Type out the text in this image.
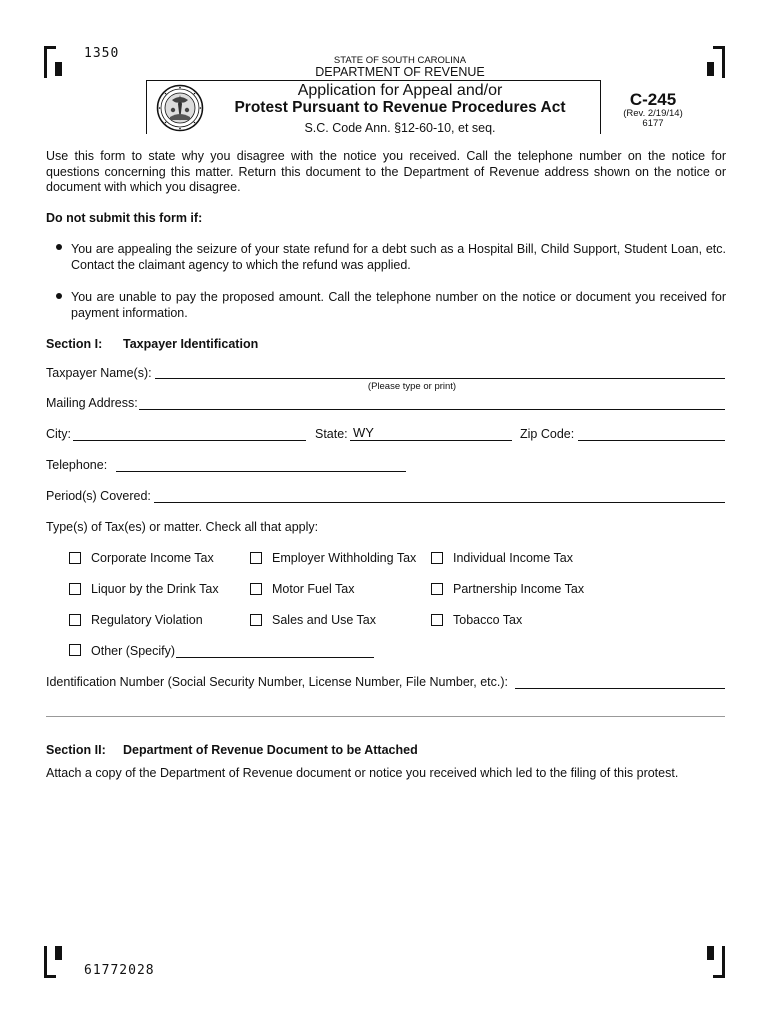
1350
61772028
STATE OF SOUTH CAROLINA
DEPARTMENT OF REVENUE
Application for Appeal and/or
Protest Pursuant to Revenue Procedures Act
S.C. Code Ann. §12-60-10, et seq.
C-245
(Rev. 2/19/14)
6177
Use this form to state why you disagree with the notice you received. Call the telephone number on the notice for questions concerning this matter. Return this document to the Department of Revenue address shown on the notice or document with which you disagree.
Do not submit this form if:
You are appealing the seizure of your state refund for a debt such as a Hospital Bill, Child Support, Student Loan, etc. Contact the claimant agency to which the refund was applied.
You are unable to pay the proposed amount. Call the telephone number on the notice or document you received for payment information.
Section I: Taxpayer Identification
Taxpayer Name(s):
(Please type or print)
Mailing Address:
City:	State: WY	Zip Code:
Telephone:
Period(s) Covered:
Type(s) of Tax(es) or matter. Check all that apply:
Corporate Income Tax	Employer Withholding Tax	Individual Income Tax
Liquor by the Drink Tax	Motor Fuel Tax	Partnership Income Tax
Regulatory Violation	Sales and Use Tax	Tobacco Tax
Other (Specify)
Identification Number (Social Security Number, License Number, File Number, etc.):
Section II: Department of Revenue Document to be Attached
Attach a copy of the Department of Revenue document or notice you received which led to the filing of this protest.
